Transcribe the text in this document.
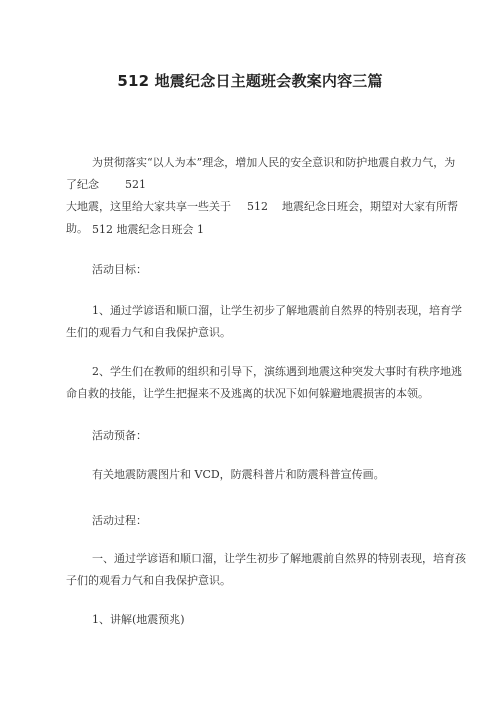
512 地震纪念日主题班会教案内容三篇

为贯彻落实“以人为本”理念，增加人民的安全意识和防护地震自救力气，为了纪念 521
大地震，这里给大家共享一些关于 512 地震纪念日班会，期望对大家有所帮助。 512 地震纪念日班会 1

活动目标：

1、通过学谚语和顺口溜，让学生初步了解地震前自然界的特别表现，培育学生们的观看力气和自我保护意识。

2、学生们在教师的组织和引导下，演练遇到地震这种突发大事时有秩序地逃命自救的技能，让学生把握来不及逃离的状况下如何躲避地震损害的本领。

活动预备：

有关地震防震图片和 VCD，防震科普片和防震科普宣传画。

活动过程：

一、通过学谚语和顺口溜，让学生初步了解地震前自然界的特别表现，培育孩子们的观看力气和自我保护意识。

1、讲解(地震预兆)
